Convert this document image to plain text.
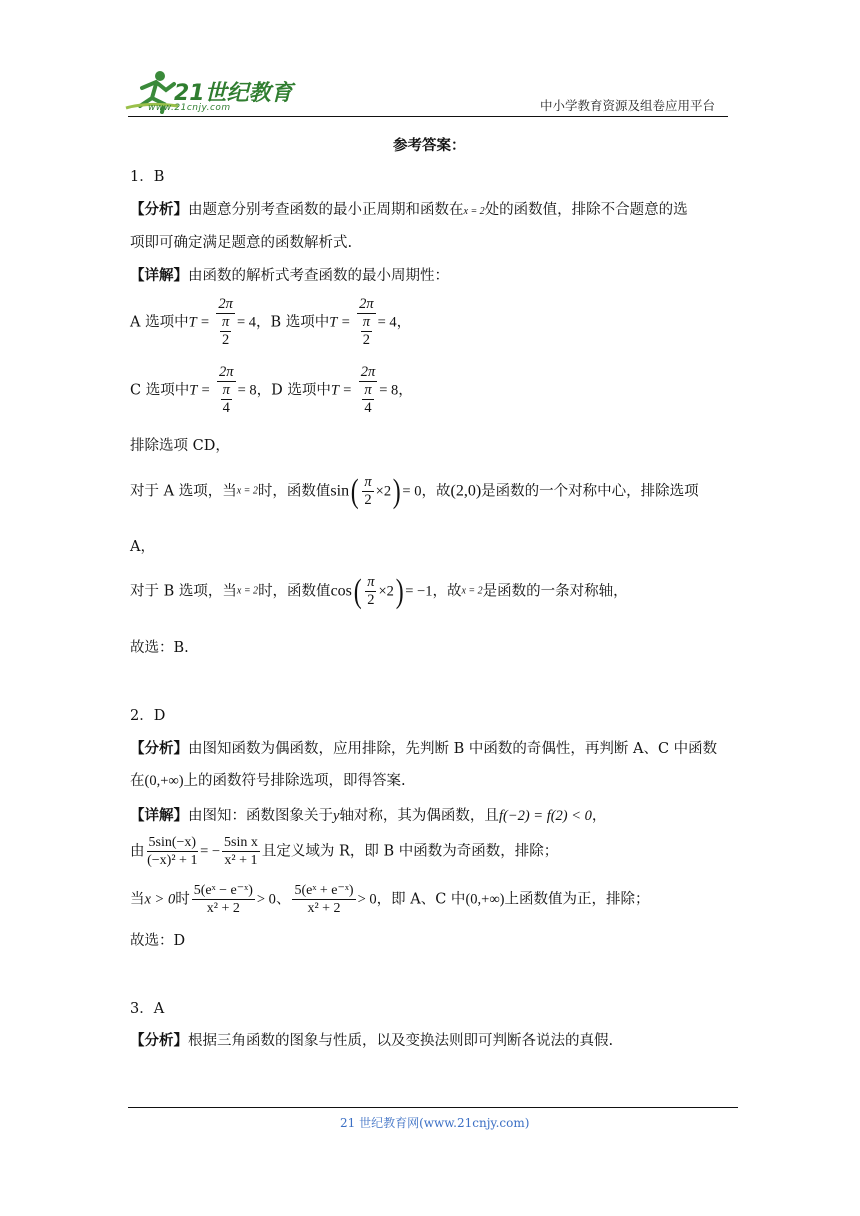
21世纪教育
www.21cnjy.com	中小学教育资源及组卷应用平台
参考答案：
1．B
【分析】由题意分别考查函数的最小正周期和函数在x = 2处的函数值，排除不合题意的选
项即可确定满足题意的函数解析式.
【详解】由函数的解析式考查函数的最小周期性：
A 选项中$T = \frac{2\pi}{\frac{\pi}{2}} = 4$，B 选项中$T = \frac{2\pi}{\frac{\pi}{2}} = 4$，
C 选项中$T = \frac{2\pi}{\frac{\pi}{4}} = 8$，D 选项中$T = \frac{2\pi}{\frac{\pi}{4}} = 8$，
排除选项 CD，
对于 A 选项，当x = 2时，函数值$\sin( \frac{\pi}{2} \times 2) = 0$，故(2,0)是函数的一个对称中心，排除选项
A，
对于 B 选项，当x = 2时，函数值$\cos( \frac{\pi}{2} \times 2) = -1$，故x = 2是函数的一条对称轴，
故选：B.
2．D
【分析】由图知函数为偶函数，应用排除，先判断 B 中函数的奇偶性，再判断 A、C 中函数
在(0,+∞)上的函数符号排除选项，即得答案.
【详解】由图知：函数图象关于y轴对称，其为偶函数，且f(−2) = f(2) < 0，
由 $\frac{5\sin(-x)}{\text{(−x)² + 1}}$ = − $\frac{\text{5sin x}}{\text{x² + 1}}$ 且定义域为 R，即 B 中函数为奇函数，排除；
当x > 0时 $\frac{\text{5(eˣ − e⁻ˣ)}}{\text{x² + 2}} > 0$、 $\frac{\text{5(eˣ + e⁻ˣ)}}{\text{x² + 2}} > 0$，即 A、C 中(0,+∞)上函数值为正，排除；
故选：D
3．A
【分析】根据三角函数的图象与性质，以及变换法则即可判断各说法的真假.
21 世纪教育网(www.21cnjy.com)
